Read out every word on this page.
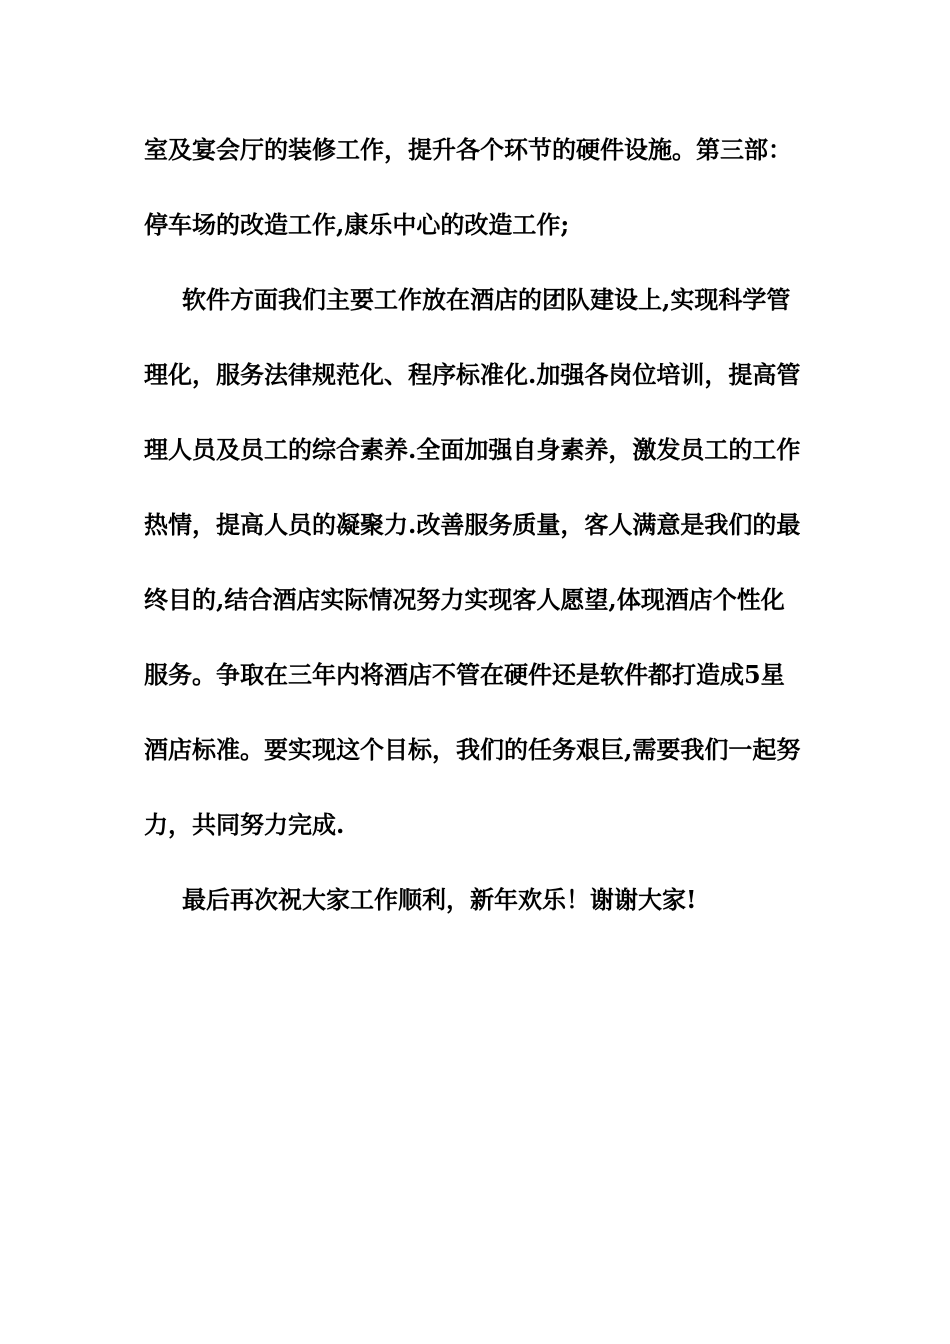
室及宴会厅的装修工作，提升各个环节的硬件设施。第三部：
停车场的改造工作,康乐中心的改造工作;
软件方面我们主要工作放在酒店的团队建设上,实现科学管
理化，服务法律规范化、程序标准化.加强各岗位培训，提高管
理人员及员工的综合素养.全面加强自身素养，激发员工的工作
热情，提高人员的凝聚力.改善服务质量，客人满意是我们的最
终目的,结合酒店实际情况努力实现客人愿望,体现酒店个性化
服务。争取在三年内将酒店不管在硬件还是软件都打造成5星
酒店标准。要实现这个目标，我们的任务艰巨,需要我们一起努
力，共同努力完成.
最后再次祝大家工作顺利，新年欢乐！谢谢大家!
